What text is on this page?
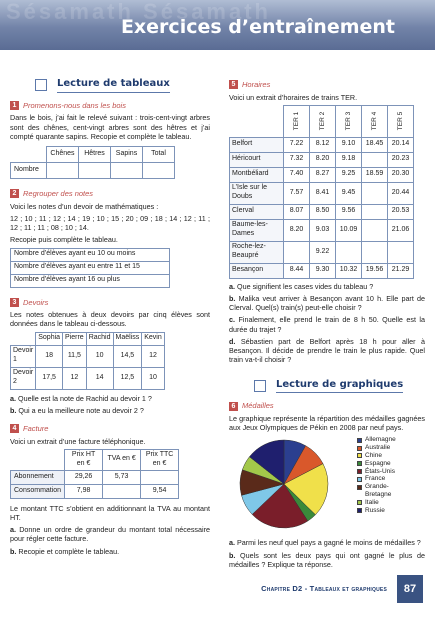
Sésamath Sésamath
Exercices d’entraînement
Lecture de tableaux
1 Promenons-nous dans les bois

Dans le bois, j’ai fait le relevé suivant : trois-cent-vingt arbres sont des chênes, cent-vingt arbres sont des hêtres et j’ai compté quarante sapins. Recopie et complète le tableau.

	Chênes	Hêtres	Sapins	Total
Nombre				
2 Regrouper des notes

Voici les notes d’un devoir de mathématiques :

12 ; 10 ; 11 ; 12 ; 14 ; 19 ; 10 ; 15 ; 20 ; 09 ; 18 ; 14 ; 12 ; 11 ; 12 ; 11 ; 11 ; 08 ; 10 ; 14.

Recopie puis complète le tableau.

Nombre d’élèves ayant eu 10 ou moins
Nombre d’élèves ayant eu entre 11 et 15
Nombre d’élèves ayant 16 ou plus
3 Devoirs

Les notes obtenues à deux devoirs par cinq élèves sont données dans le tableau ci-dessous.

	Sophia	Pierre	Rachid	Maëliss	Kevin
Devoir 1	18	11,5	10	14,5	12
Devoir 2	17,5	12	14	12,5	10

a. Quelle est la note de Rachid au devoir 1 ?

b. Qui a eu la meilleure note au devoir 2 ?

4 Facture

Voici un extrait d’une facture téléphonique.

	Prix HT en €	TVA en €	Prix TTC en €
Abonnement	29,26	5,73	
Consommation	7,98		9,54

Le montant TTC s’obtient en additionnant la TVA au montant HT.

a. Donne un ordre de grandeur du montant total nécessaire pour régler cette facture.

b. Recopie et complète le tableau.

5 Horaires

Voici un extrait d’horaires de trains TER.

	TER 1	TER 2	TER 3	TER 4	TER 5

Belfort	7.22	8.12	9.10	18.45	20.14
Héricourt	7.32	8.20	9.18		20.23
Montbéliard	7.40	8.27	9.25	18.59	20.30
L’Isle sur le Doubs	7.57	8.41	9.45		20.44
Clerval	8.07	8.50	9.56		20.53
Baume-les-Dames	8.20	9.03	10.09		21.06
Roche-lez-Beaupré		9.22			
Besançon	8.44	9.30	10.32	19.56	21.29

a. Que signifient les cases vides du tableau ?

b. Malika veut arriver à Besançon avant 10 h. Elle part de Clerval. Quel(s) train(s) peut-elle choisir ?

c. Finalement, elle prend le train de 8 h 50. Quelle est la durée du trajet ?

d. Sébastien part de Belfort après 18 h pour aller à Besançon. Il décide de prendre le train le plus rapide. Quel train va-t-il choisir ?

Lecture de graphiques
6 Médailles

Le graphique représente la répartition des médailles gagnées aux Jeux Olympiques de Pékin en 2008 par neuf pays.

Allemagne
Australie
Chine
Espagne
États-Unis
France
Grande-Bretagne
Italie
Russie

a. Parmi les neuf quel pays a gagné le moins de médailles ?

b. Quels sont les deux pays qui ont gagné le plus de médailles ? Explique ta réponse.

Chapitre D2 - Tableaux et graphiques	87
